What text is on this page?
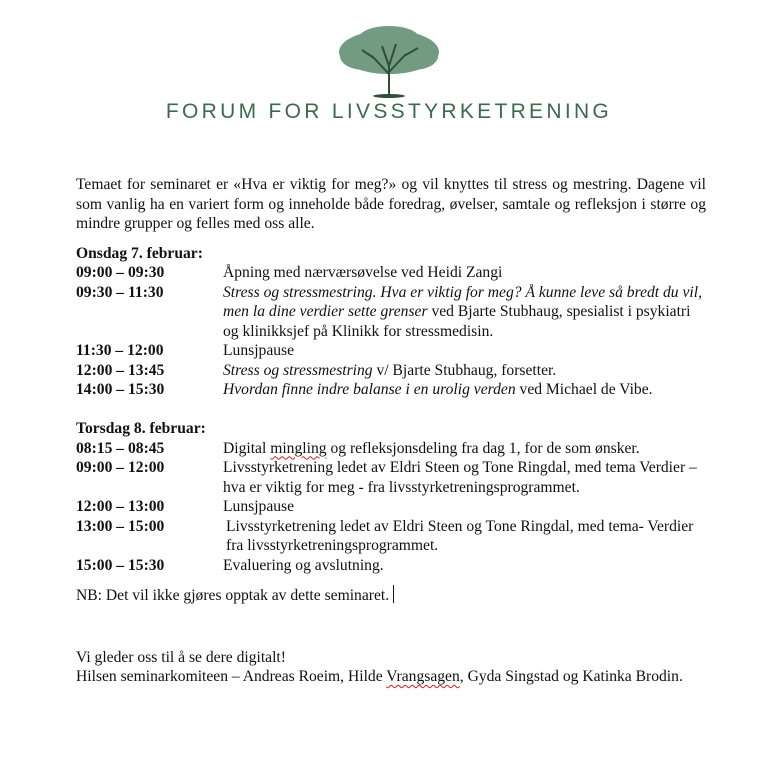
FORUM FOR LIVSSTYRKETRENING

Temaet for seminaret er «Hva er viktig for meg?» og vil knyttes til stress og mestring. Dagene vil som vanlig ha en variert form og inneholde både foredrag, øvelser, samtale og refleksjon i større og mindre grupper og felles med oss alle.

Onsdag 7. februar:

09:00 – 09:30	Åpning med nærværsøvelse ved Heidi Zangi
09:30 – 11:30	Stress og stressmestring. Hva er viktig for meg? Å kunne leve så bredt du vil, men la dine verdier sette grenser ved Bjarte Stubhaug, spesialist i psykiatri og klinikksjef på Klinikk for stressmedisin.
11:30 – 12:00	Lunsjpause
12:00 – 13:45	Stress og stressmestring v/ Bjarte Stubhaug, forsetter.
14:00 – 15:30	Hvordan finne indre balanse i en urolig verden ved Michael de Vibe.

Torsdag 8. februar:

08:15 – 08:45	Digital mingling og refleksjonsdeling fra dag 1, for de som ønsker.
09:00 – 12:00	Livsstyrketrening ledet av Eldri Steen og Tone Ringdal, med tema Verdier – hva er viktig for meg - fra livsstyrketreningsprogrammet.
12:00 – 13:00	Lunsjpause
13:00 – 15:00	Livsstyrketrening ledet av Eldri Steen og Tone Ringdal, med tema- Verdier fra livsstyrketreningsprogrammet.
15:00 – 15:30	Evaluering og avslutning.

NB: Det vil ikke gjøres opptak av dette seminaret.

Vi gleder oss til å se dere digitalt!
Hilsen seminarkomiteen – Andreas Roeim, Hilde Vrangsagen, Gyda Singstad og Katinka Brodin.
